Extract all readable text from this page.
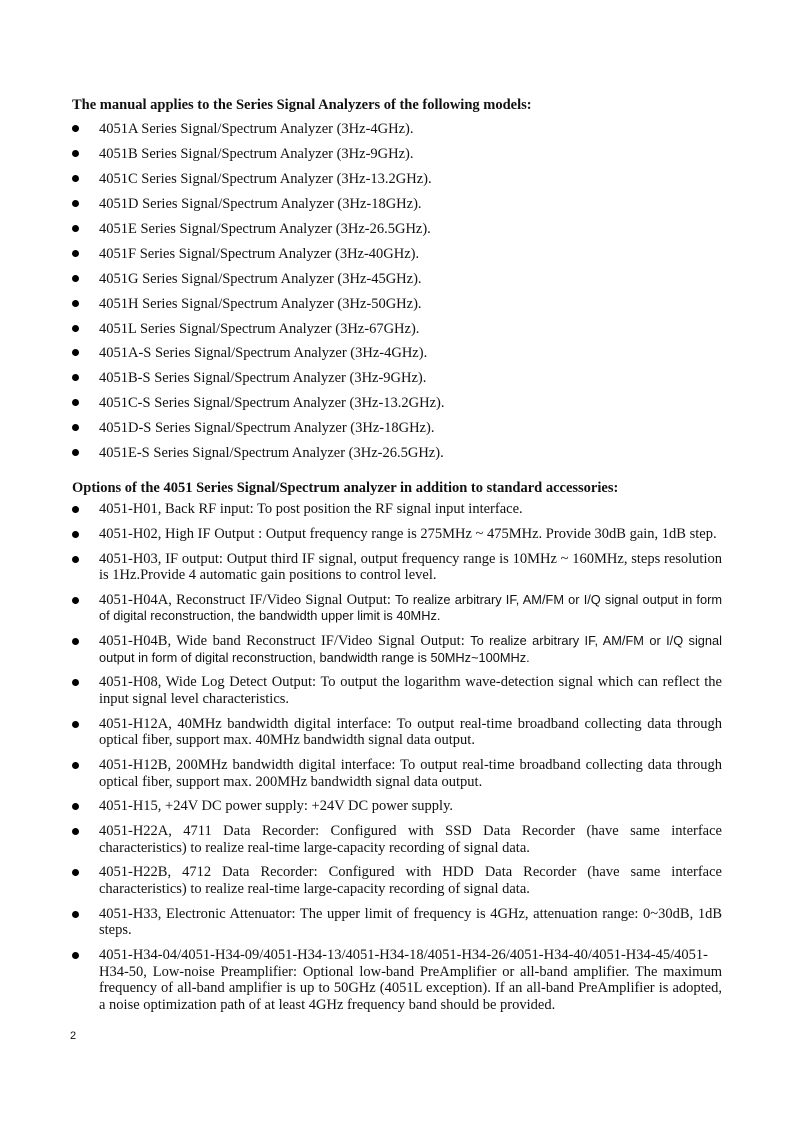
The manual applies to the Series Signal Analyzers of the following models:
4051A Series Signal/Spectrum Analyzer (3Hz-4GHz).
4051B Series Signal/Spectrum Analyzer (3Hz-9GHz).
4051C Series Signal/Spectrum Analyzer (3Hz-13.2GHz).
4051D Series Signal/Spectrum Analyzer (3Hz-18GHz).
4051E Series Signal/Spectrum Analyzer (3Hz-26.5GHz).
4051F Series Signal/Spectrum Analyzer (3Hz-40GHz).
4051G Series Signal/Spectrum Analyzer (3Hz-45GHz).
4051H Series Signal/Spectrum Analyzer (3Hz-50GHz).
4051L Series Signal/Spectrum Analyzer (3Hz-67GHz).
4051A-S Series Signal/Spectrum Analyzer (3Hz-4GHz).
4051B-S Series Signal/Spectrum Analyzer (3Hz-9GHz).
4051C-S Series Signal/Spectrum Analyzer (3Hz-13.2GHz).
4051D-S Series Signal/Spectrum Analyzer (3Hz-18GHz).
4051E-S Series Signal/Spectrum Analyzer (3Hz-26.5GHz).
Options of the 4051 Series Signal/Spectrum analyzer in addition to standard accessories:
4051-H01, Back RF input: To post position the RF signal input interface.
4051-H02, High IF Output : Output frequency range is 275MHz ~ 475MHz. Provide 30dB gain, 1dB step.
4051-H03, IF output: Output third IF signal, output frequency range is 10MHz ~ 160MHz, steps resolution is 1Hz.Provide 4 automatic gain positions to control level.
4051-H04A, Reconstruct IF/Video Signal Output: To realize arbitrary IF, AM/FM or I/Q signal output in form of digital reconstruction, the bandwidth upper limit is 40MHz.
4051-H04B, Wide band Reconstruct IF/Video Signal Output: To realize arbitrary IF, AM/FM or I/Q signal output in form of digital reconstruction, bandwidth range is 50MHz~100MHz.
4051-H08, Wide Log Detect Output: To output the logarithm wave-detection signal which can reflect the input signal level characteristics.
4051-H12A, 40MHz bandwidth digital interface: To output real-time broadband collecting data through optical fiber, support max. 40MHz bandwidth signal data output.
4051-H12B, 200MHz bandwidth digital interface: To output real-time broadband collecting data through optical fiber, support max. 200MHz bandwidth signal data output.
4051-H15, +24V DC power supply: +24V DC power supply.
4051-H22A, 4711 Data Recorder: Configured with SSD Data Recorder (have same interface characteristics) to realize real-time large-capacity recording of signal data.
4051-H22B, 4712 Data Recorder: Configured with HDD Data Recorder (have same interface characteristics) to realize real-time large-capacity recording of signal data.
4051-H33, Electronic Attenuator: The upper limit of frequency is 4GHz, attenuation range: 0~30dB, 1dB steps.
4051-H34-04/4051-H34-09/4051-H34-13/4051-H34-18/4051-H34-26/4051-H34-40/4051-H34-45/4051-H34-50, Low-noise Preamplifier: Optional low-band PreAmplifier or all-band amplifier. The maximum frequency of all-band amplifier is up to 50GHz (4051L exception). If an all-band PreAmplifier is adopted, a noise optimization path of at least 4GHz frequency band should be provided.
2
